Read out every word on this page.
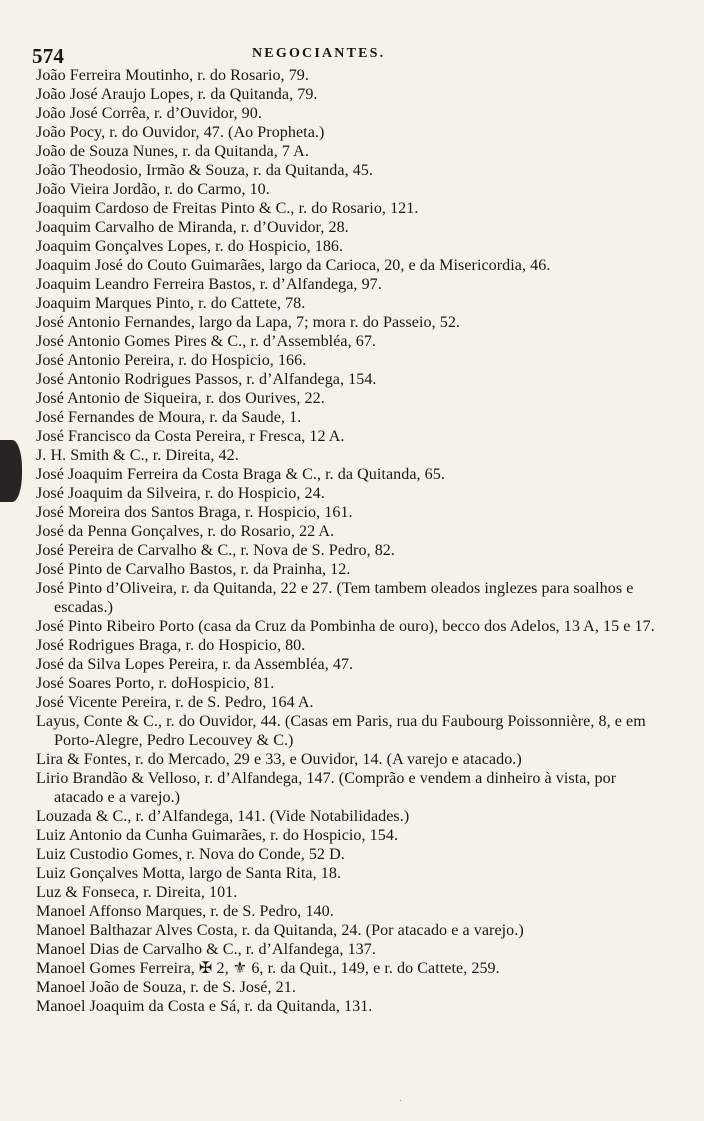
574	NEGOCIANTES.
João Ferreira Moutinho, r. do Rosario, 79.
João José Araujo Lopes, r. da Quitanda, 79.
João José Corrêa, r. d’Ouvidor, 90.
João Pocy, r. do Ouvidor, 47. (Ao Propheta.)
João de Souza Nunes, r. da Quitanda, 7 A.
João Theodosio, Irmão & Souza, r. da Quitanda, 45.
João Vieira Jordão, r. do Carmo, 10.
Joaquim Cardoso de Freitas Pinto & C., r. do Rosario, 121.
Joaquim Carvalho de Miranda, r. d’Ouvidor, 28.
Joaquim Gonçalves Lopes, r. do Hospicio, 186.
Joaquim José do Couto Guimarães, largo da Carioca, 20, e da Misericordia, 46.
Joaquim Leandro Ferreira Bastos, r. d’Alfandega, 97.
Joaquim Marques Pinto, r. do Cattete, 78.
José Antonio Fernandes, largo da Lapa, 7; mora r. do Passeio, 52.
José Antonio Gomes Pires & C., r. d’Assembléa, 67.
José Antonio Pereira, r. do Hospicio, 166.
José Antonio Rodrigues Passos, r. d’Alfandega, 154.
José Antonio de Siqueira, r. dos Ourives, 22.
José Fernandes de Moura, r. da Saude, 1.
José Francisco da Costa Pereira, r Fresca, 12 A.
J. H. Smith & C., r. Direita, 42.
José Joaquim Ferreira da Costa Braga & C., r. da Quitanda, 65.
José Joaquim da Silveira, r. do Hospicio, 24.
José Moreira dos Santos Braga, r. Hospicio, 161.
José da Penna Gonçalves, r. do Rosario, 22 A.
José Pereira de Carvalho & C., r. Nova de S. Pedro, 82.
José Pinto de Carvalho Bastos, r. da Prainha, 12.
José Pinto d’Oliveira, r. da Quitanda, 22 e 27. (Tem tambem oleados inglezes para soalhos e escadas.)
José Pinto Ribeiro Porto (casa da Cruz da Pombinha de ouro), becco dos Adelos, 13 A, 15 e 17.
José Rodrigues Braga, r. do Hospicio, 80.
José da Silva Lopes Pereira, r. da Assembléa, 47.
José Soares Porto, r. doHospicio, 81.
José Vicente Pereira, r. de S. Pedro, 164 A.
Layus, Conte & C., r. do Ouvidor, 44. (Casas em Paris, rua du Faubourg Poissonnière, 8, e em Porto-Alegre, Pedro Lecouvey & C.)
Lira & Fontes, r. do Mercado, 29 e 33, e Ouvidor, 14. (A varejo e atacado.)
Lirio Brandão & Velloso, r. d’Alfandega, 147. (Comprão e vendem a dinheiro à vista, por atacado e a varejo.)
Louzada & C., r. d’Alfandega, 141. (Vide Notabilidades.)
Luiz Antonio da Cunha Guimarães, r. do Hospicio, 154.
Luiz Custodio Gomes, r. Nova do Conde, 52 D.
Luiz Gonçalves Motta, largo de Santa Rita, 18.
Luz & Fonseca, r. Direita, 101.
Manoel Affonso Marques, r. de S. Pedro, 140.
Manoel Balthazar Alves Costa, r. da Quitanda, 24. (Por atacado e a varejo.)
Manoel Dias de Carvalho & C., r. d’Alfandega, 137.
Manoel Gomes Ferreira, ✠ 2, ⚜ 6, r. da Quit., 149, e r. do Cattete, 259.
Manoel João de Souza, r. de S. José, 21.
Manoel Joaquim da Costa e Sá, r. da Quitanda, 131.
·
